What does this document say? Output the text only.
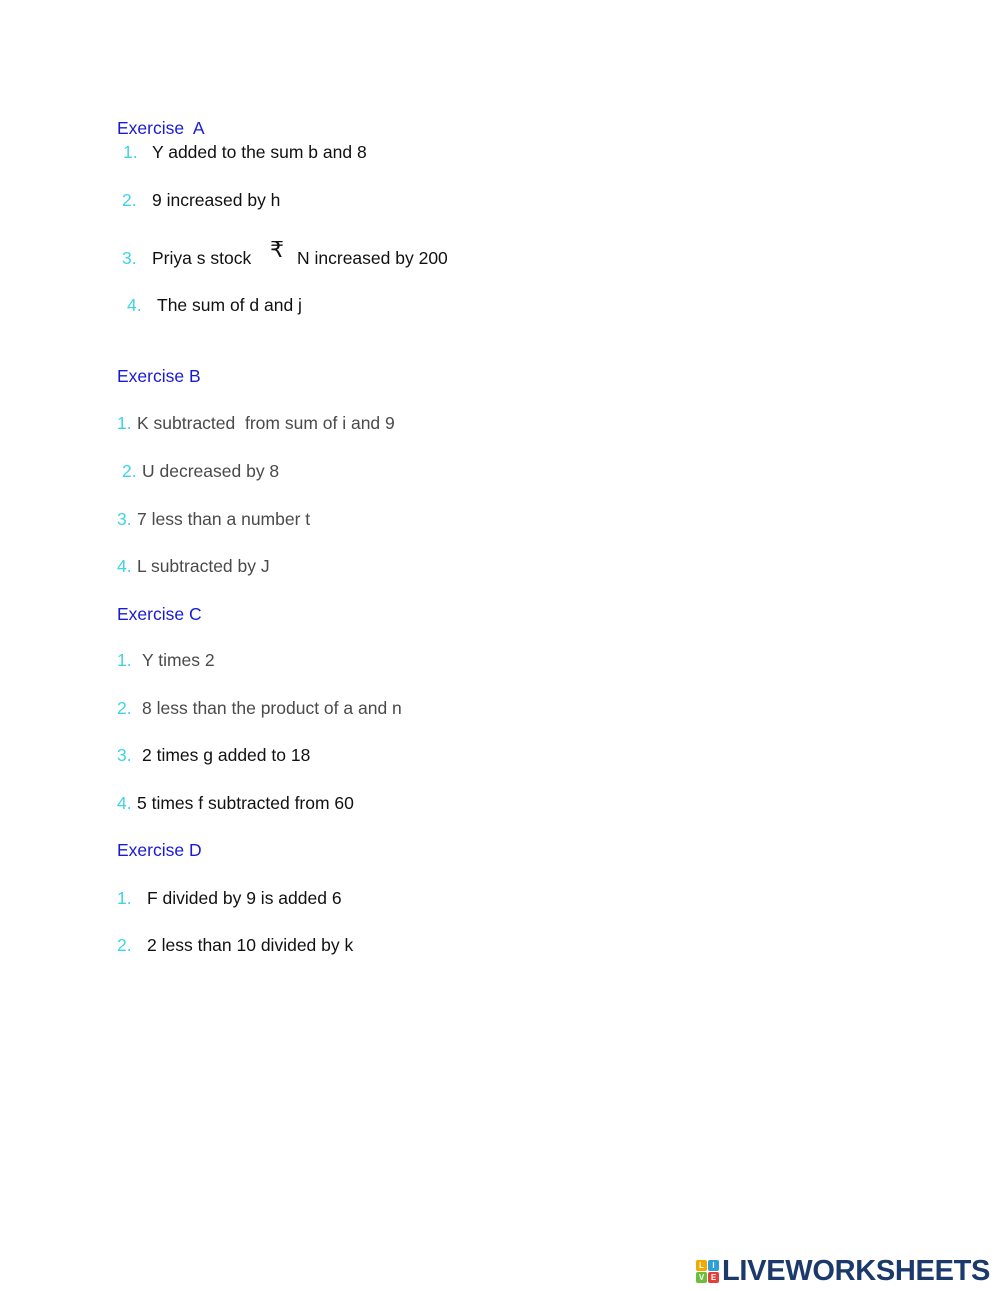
Exercise  A
1. Y added to the sum b and 8
2. 9 increased by h
3. Priya s stock ₹ N increased by 200
4. The sum of d and j
Exercise B
1. K subtracted  from sum of i and 9
2. U decreased by 8
3. 7 less than a number t
4. L subtracted by J
Exercise C
1. Y times 2
2. 8 less than the product of a and n
3. 2 times g added to 18
4. 5 times f subtracted from 60
Exercise D
1. F divided by 9 is added 6
2. 2 less than 10 divided by k
L	I
V E LIVEWORKSHEETS
